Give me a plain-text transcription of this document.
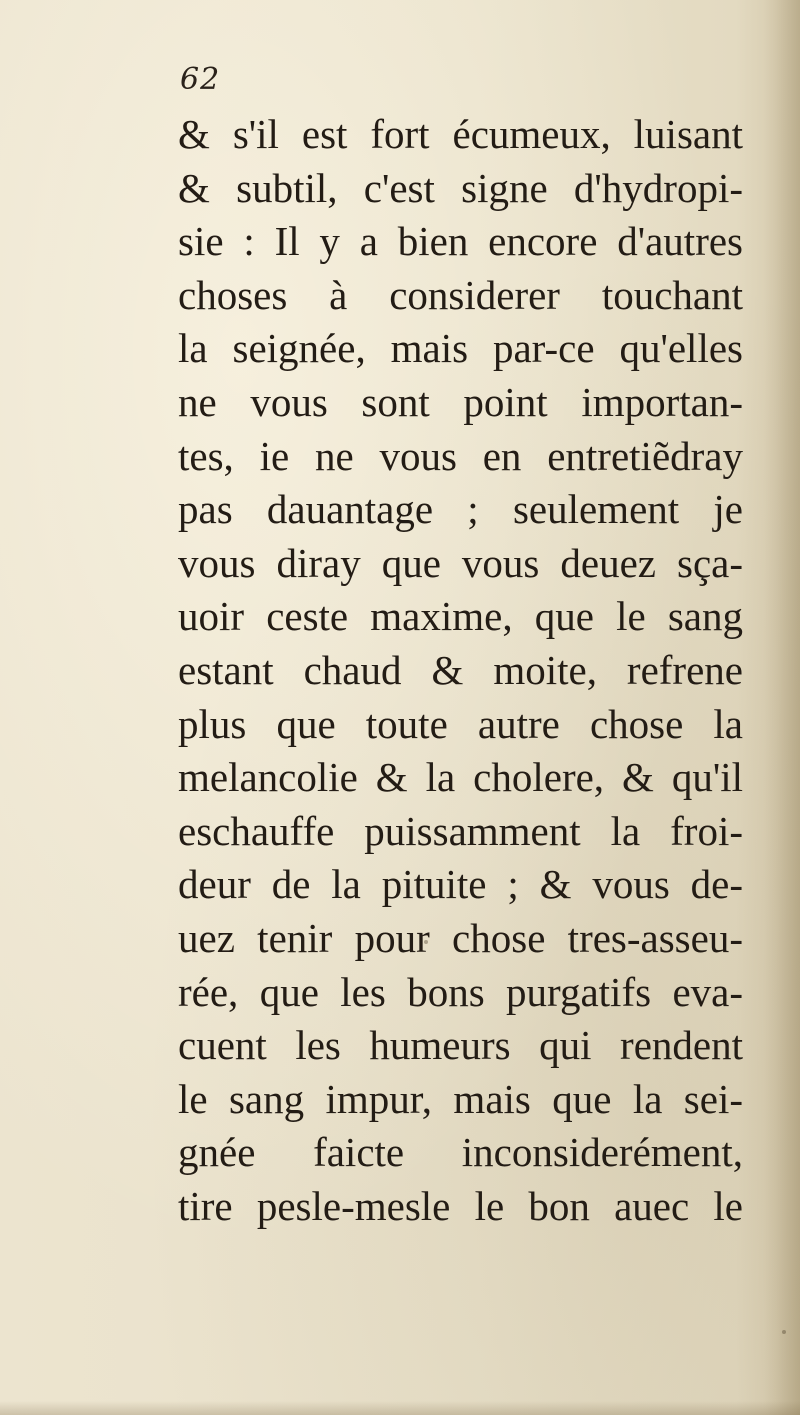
62
& s'il est fort écumeux, luisant
& subtil, c'est signe d'hydropi-
sie : Il y a bien encore d'autres
choses à considerer touchant
la seignée, mais par-ce qu'elles
ne vous sont point importan-
tes, ie ne vous en entretiẽdray
pas dauantage ; seulement je
vous diray que vous deuez sça-
uoir ceste maxime, que le sang
estant chaud & moite, refrene
plus que toute autre chose la
melancolie & la cholere, & qu'il
eschauffe puissamment la froi-
deur de la pituite ; & vous de-
uez tenir pour chose tres-asseu-
rée, que les bons purgatifs eva-
cuent les humeurs qui rendent
le sang impur, mais que la sei-
gnée faicte inconsiderément,
tire pesle-mesle le bon auec le
